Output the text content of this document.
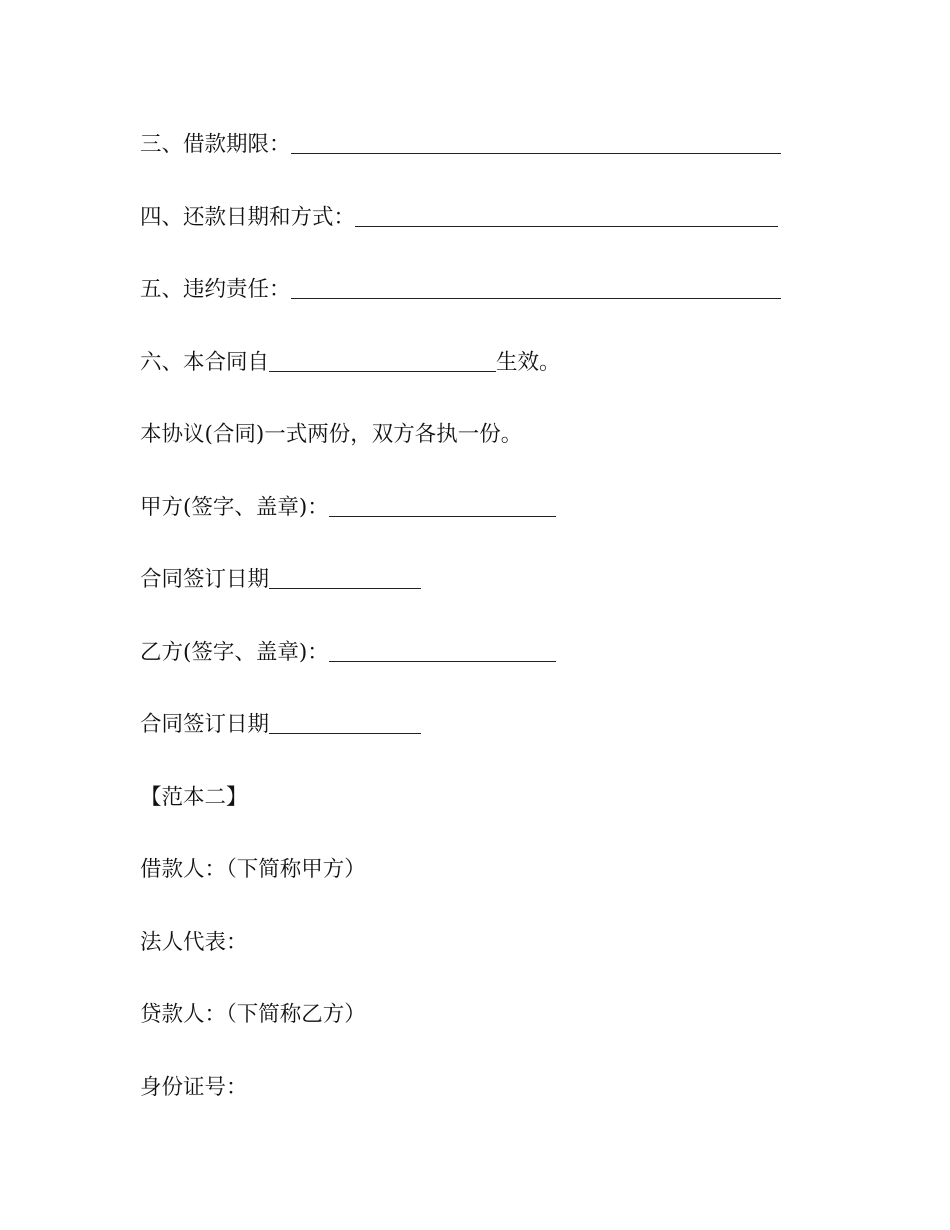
三、借款期限：
四、还款日期和方式：
五、违约责任：
六、本合同自	生效。
本协议(合同)一式两份，双方各执一份。
甲方(签字、盖章)：
合同签订日期
乙方(签字、盖章)：
合同签订日期
【范本二】
借款人：（下简称甲方）
法人代表：
贷款人：（下简称乙方）
身份证号：
